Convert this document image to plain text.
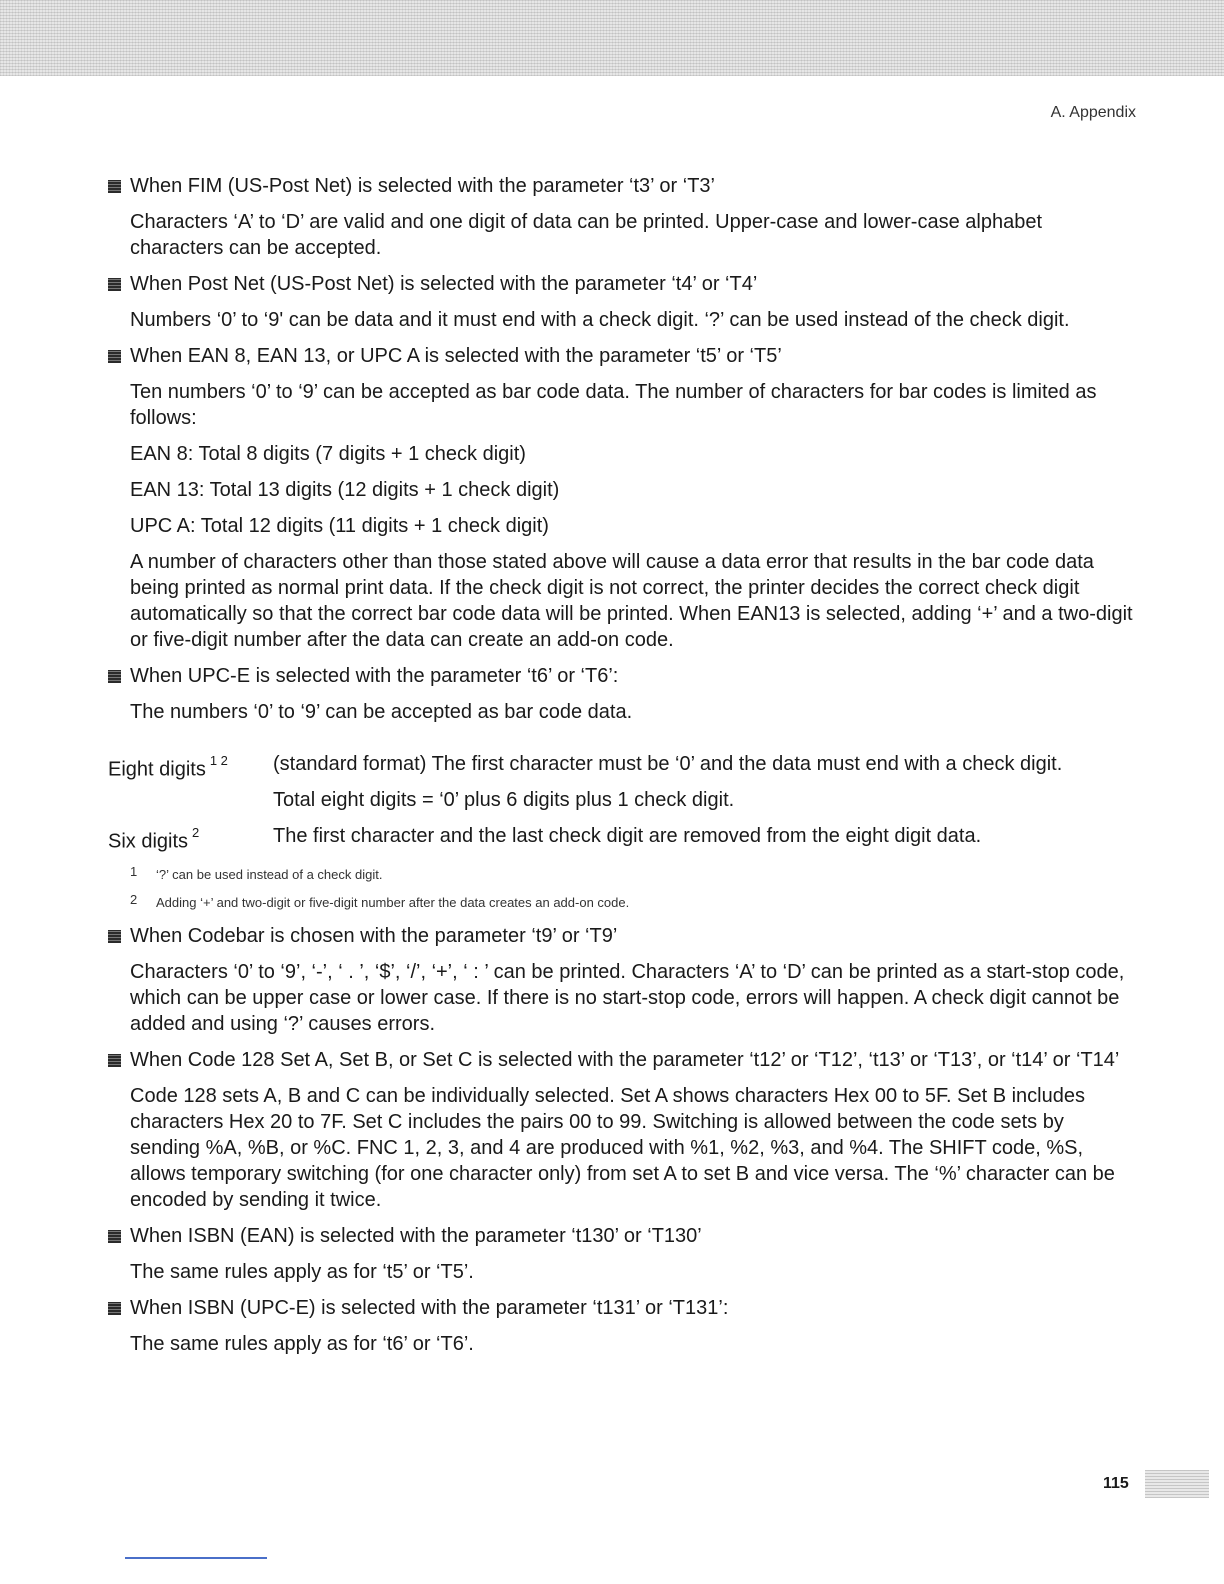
A. Appendix
When FIM (US-Post Net) is selected with the parameter ‘t3’ or ‘T3’

Characters ‘A’ to ‘D’ are valid and one digit of data can be printed. Upper-case and lower-case alphabet characters can be accepted.

When Post Net (US-Post Net) is selected with the parameter ‘t4’ or ‘T4’

Numbers ‘0’ to ‘9' can be data and it must end with a check digit. ‘?’ can be used instead of the check digit.

When EAN 8, EAN 13, or UPC A is selected with the parameter ‘t5’ or ‘T5’

Ten numbers ‘0’ to ‘9’ can be accepted as bar code data. The number of characters for bar codes is limited as follows:

EAN 8: Total 8 digits (7 digits + 1 check digit)

EAN 13: Total 13 digits (12 digits + 1 check digit)

UPC A: Total 12 digits (11 digits + 1 check digit)

A number of characters other than those stated above will cause a data error that results in the bar code data being printed as normal print data. If the check digit is not correct, the printer decides the correct check digit automatically so that the correct bar code data will be printed. When EAN13 is selected, adding ‘+’ and a two-digit or five-digit number after the data can create an add-on code.

When UPC-E is selected with the parameter ‘t6’ or ‘T6’:

The numbers ‘0’ to ‘9’ can be accepted as bar code data.

Eight digits $^{1 2}$	(standard format) The first character must be ‘0’ and the data must end with a check digit.

Total eight digits = ‘0’ plus 6 digits plus 1 check digit.

Six digits $^2$	The first character and the last check digit are removed from the eight digit data.

1	‘?’ can be used instead of a check digit.
2	Adding ‘+’ and two-digit or five-digit number after the data creates an add-on code.
When Codebar is chosen with the parameter ‘t9’ or ‘T9’

Characters ‘0’ to ‘9’, ‘-’, ‘ . ’, ‘$’, ‘/’, ‘+’, ‘ : ’ can be printed. Characters ‘A’ to ‘D’ can be printed as a start-stop code, which can be upper case or lower case. If there is no start-stop code, errors will happen. A check digit cannot be added and using ‘?’ causes errors.

When Code 128 Set A, Set B, or Set C is selected with the parameter ‘t12’ or ‘T12’, ‘t13’ or ‘T13’, or ‘t14’ or ‘T14’

Code 128 sets A, B and C can be individually selected. Set A shows characters Hex 00 to 5F. Set B includes characters Hex 20 to 7F. Set C includes the pairs 00 to 99. Switching is allowed between the code sets by sending %A, %B, or %C. FNC 1, 2, 3, and 4 are produced with %1, %2, %3, and %4. The SHIFT code, %S, allows temporary switching (for one character only) from set A to set B and vice versa. The ‘%’ character can be encoded by sending it twice.

When ISBN (EAN) is selected with the parameter ‘t130’ or ‘T130’

The same rules apply as for ‘t5’ or ‘T5’.

When ISBN (UPC-E) is selected with the parameter ‘t131’ or ‘T131’:

The same rules apply as for ‘t6’ or ‘T6’.

115
